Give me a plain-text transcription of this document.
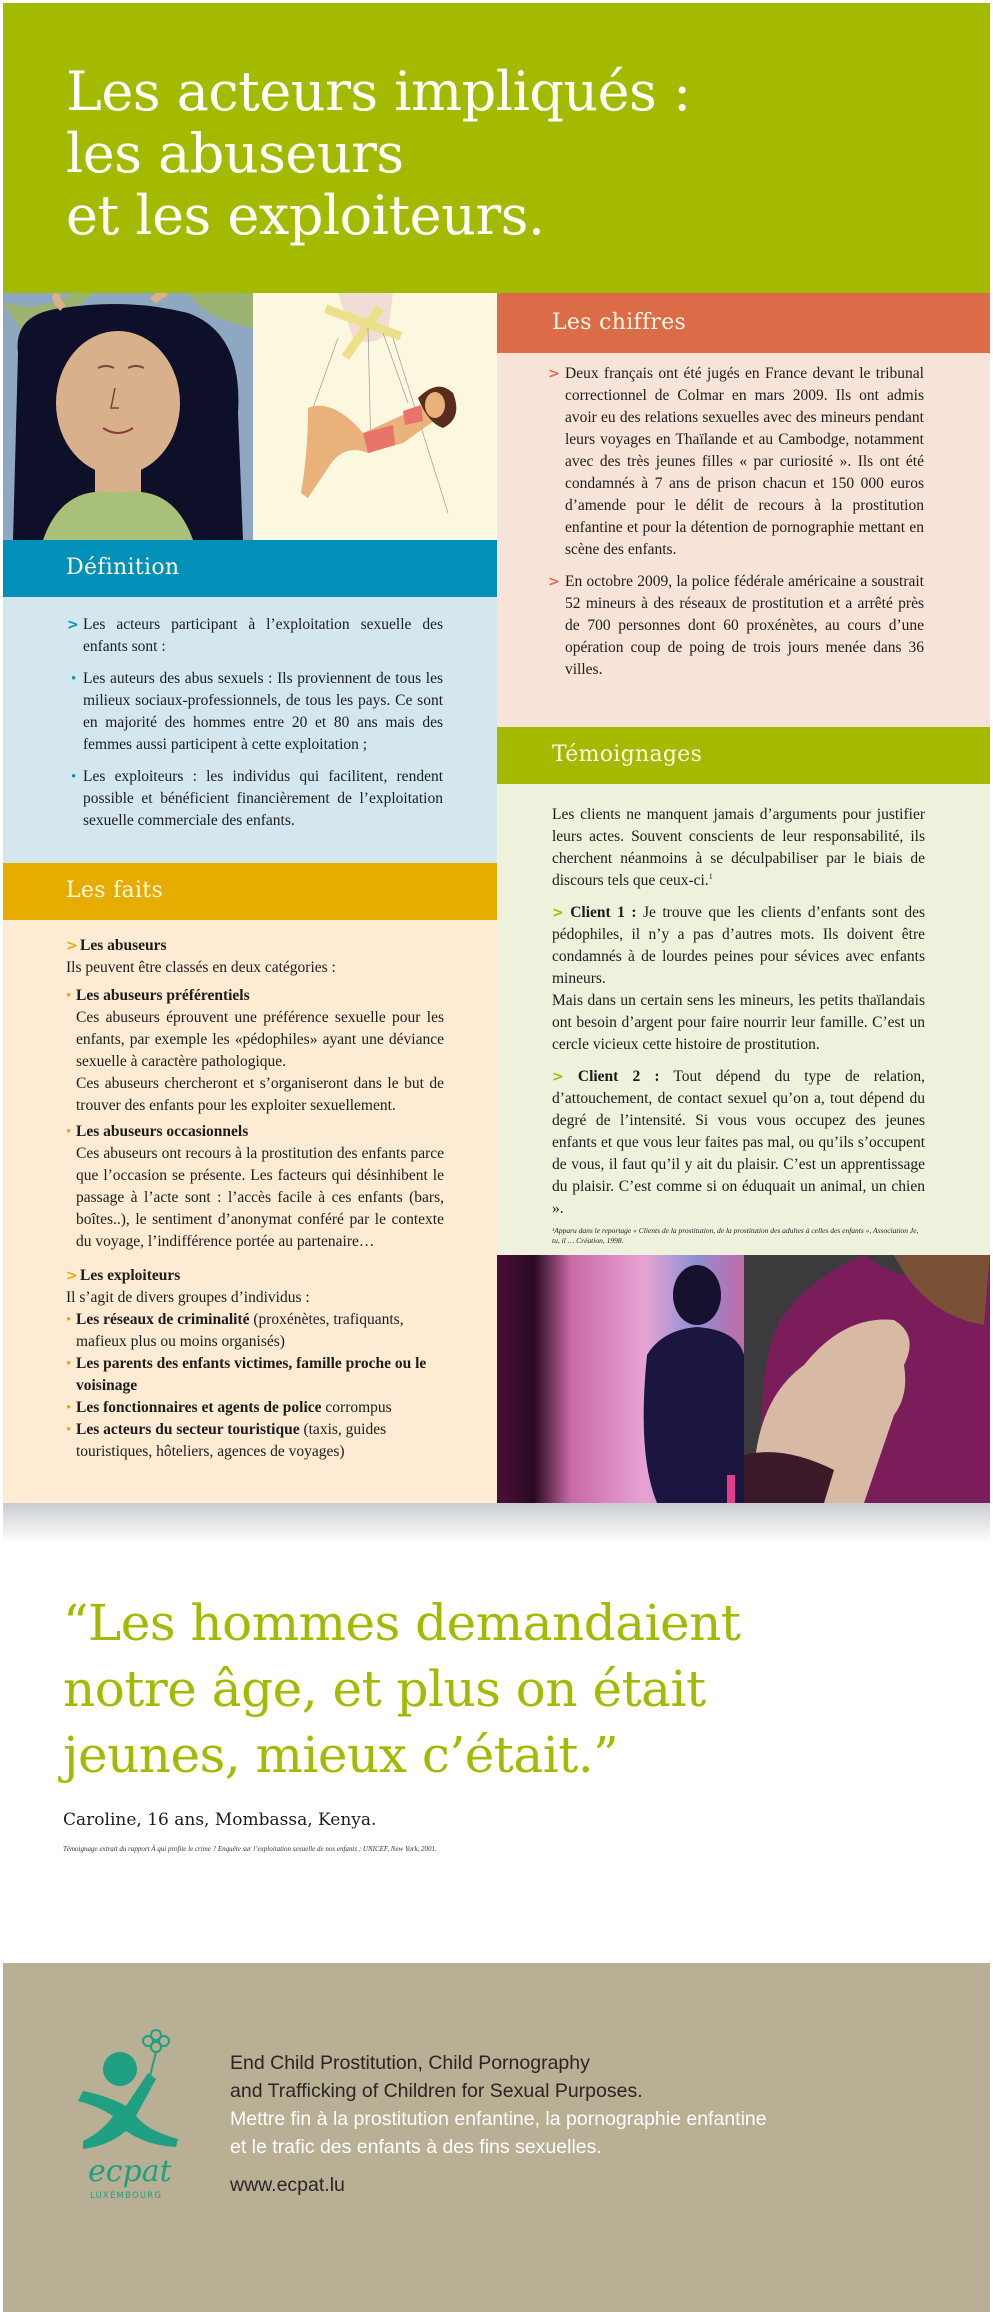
Les acteurs impliqués :
les abuseurs
et les exploiteurs.
Définition

> Les acteurs participant à l’exploitation sexuelle des enfants sont :

• Les auteurs des abus sexuels : Ils proviennent de tous les milieux sociaux-professionnels, de tous les pays. Ce sont en majorité des hommes entre 20 et 80 ans mais des femmes aussi participent à cette exploitation ;

• Les exploiteurs : les individus qui facilitent, rendent possible et bénéficient financièrement de l’exploitation sexuelle commerciale des enfants.

Les faits
> Les abuseurs
Ils peuvent être classés en deux catégories :
• Les abuseurs préférentiels
Ces abuseurs éprouvent une préférence sexuelle pour les enfants, par exemple les «pédophiles» ayant une déviance sexuelle à caractère pathologique.
Ces abuseurs chercheront et s’organiseront dans le but de trouver des enfants pour les exploiter sexuellement.
• Les abuseurs occasionnels
Ces abuseurs ont recours à la prostitution des enfants parce que l’occasion se présente. Les facteurs qui désinhibent le passage à l’acte sont : l’accès facile à ces enfants (bars, boîtes..), le sentiment d’anonymat conféré par le contexte du voyage, l’indifférence portée au partenaire…
> Les exploiteurs
Il s’agit de divers groupes d’individus :
• Les réseaux de criminalité (proxénètes, trafiquants, mafieux plus ou moins organisés)
• Les parents des enfants victimes, famille proche ou le voisinage
• Les fonctionnaires et agents de police corrompus
• Les acteurs du secteur touristique (taxis, guides touristiques, hôteliers, agences de voyages)
Les chiffres

> Deux français ont été jugés en France devant le tribunal correctionnel de Colmar en mars 2009. Ils ont admis avoir eu des relations sexuelles avec des mineurs pendant leurs voyages en Thaïlande et au Cambodge, notamment avec des très jeunes filles « par curiosité ». Ils ont été condamnés à 7 ans de prison chacun et 150 000 euros d’amende pour le délit de recours à la prostitution enfantine et pour la détention de pornographie mettant en scène des enfants.

> En octobre 2009, la police fédérale américaine a soustrait 52 mineurs à des réseaux de prostitution et a arrêté près de 700 personnes dont 60 proxénètes, au cours d’une opération coup de poing de trois jours menée dans 36 villes.

Témoignages

Les clients ne manquent jamais d’arguments pour justifier leurs actes. Souvent conscients de leur responsabilité, ils cherchent néanmoins à se déculpabiliser par le biais de discours tels que ceux-ci.$^1$

> Client 1 : Je trouve que les clients d’enfants sont des pédophiles, il n’y a pas d’autres mots. Ils doivent être condamnés à de lourdes peines pour sévices avec enfants mineurs.
Mais dans un certain sens les mineurs, les petits thaïlandais ont besoin d’argent pour faire nourrir leur famille. C’est un cercle vicieux cette histoire de prostitution.

> Client 2 : Tout dépend du type de relation, d’attouchement, de contact sexuel qu’on a, tout dépend du degré de l’intensité. Si vous vous occupez des jeunes enfants et que vous leur faites pas mal, ou qu’ils s’occupent de vous, il faut qu’il y ait du plaisir. C’est un apprentissage du plaisir. C’est comme si on éduquait un animal, un chien ».

¹Apparu dans le reportage « Clients de la prostitution, de la prostitution des adultes à celles des enfants », Association Je, tu, il … Création, 1998.
“Les hommes demandaient
notre âge, et plus on était
jeunes, mieux c’était.”
Caroline, 16 ans, Mombassa, Kenya.
Témoignage extrait du rapport À qui profite le crime ? Enquête sur l’exploitation sexuelle de nos enfants ; UNICEF, New York, 2001.
ecpat
LUXEMBOURG
End Child Prostitution, Child Pornography
and Trafficking of Children for Sexual Purposes.
Mettre fin à la prostitution enfantine, la pornographie enfantine
et le trafic des enfants à des fins sexuelles.
www.ecpat.lu
